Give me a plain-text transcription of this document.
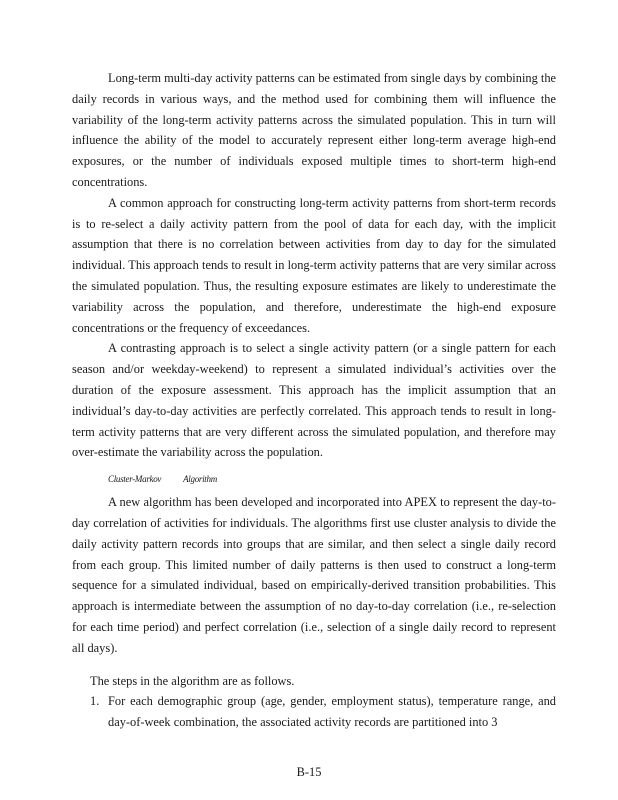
Long-term multi-day activity patterns can be estimated from single days by combining the daily records in various ways, and the method used for combining them will influence the variability of the long-term activity patterns across the simulated population. This in turn will influence the ability of the model to accurately represent either long-term average high-end exposures, or the number of individuals exposed multiple times to short-term high-end concentrations.

A common approach for constructing long-term activity patterns from short-term records is to re-select a daily activity pattern from the pool of data for each day, with the implicit assumption that there is no correlation between activities from day to day for the simulated individual. This approach tends to result in long-term activity patterns that are very similar across the simulated population. Thus, the resulting exposure estimates are likely to underestimate the variability across the population, and therefore, underestimate the high-end exposure concentrations or the frequency of exceedances.

A contrasting approach is to select a single activity pattern (or a single pattern for each season and/or weekday-weekend) to represent a simulated individual’s activities over the duration of the exposure assessment. This approach has the implicit assumption that an individual’s day-to-day activities are perfectly correlated. This approach tends to result in long-term activity patterns that are very different across the simulated population, and therefore may over-estimate the variability across the population.

Cluster-Markov Algorithm

A new algorithm has been developed and incorporated into APEX to represent the day-to-day correlation of activities for individuals. The algorithms first use cluster analysis to divide the daily activity pattern records into groups that are similar, and then select a single daily record from each group. This limited number of daily patterns is then used to construct a long-term sequence for a simulated individual, based on empirically-derived transition probabilities. This approach is intermediate between the assumption of no day-to-day correlation (i.e., re-selection for each time period) and perfect correlation (i.e., selection of a single daily record to represent all days).

The steps in the algorithm are as follows.

1. For each demographic group (age, gender, employment status), temperature range, and day-of-week combination, the associated activity records are partitioned into 3
B-15
